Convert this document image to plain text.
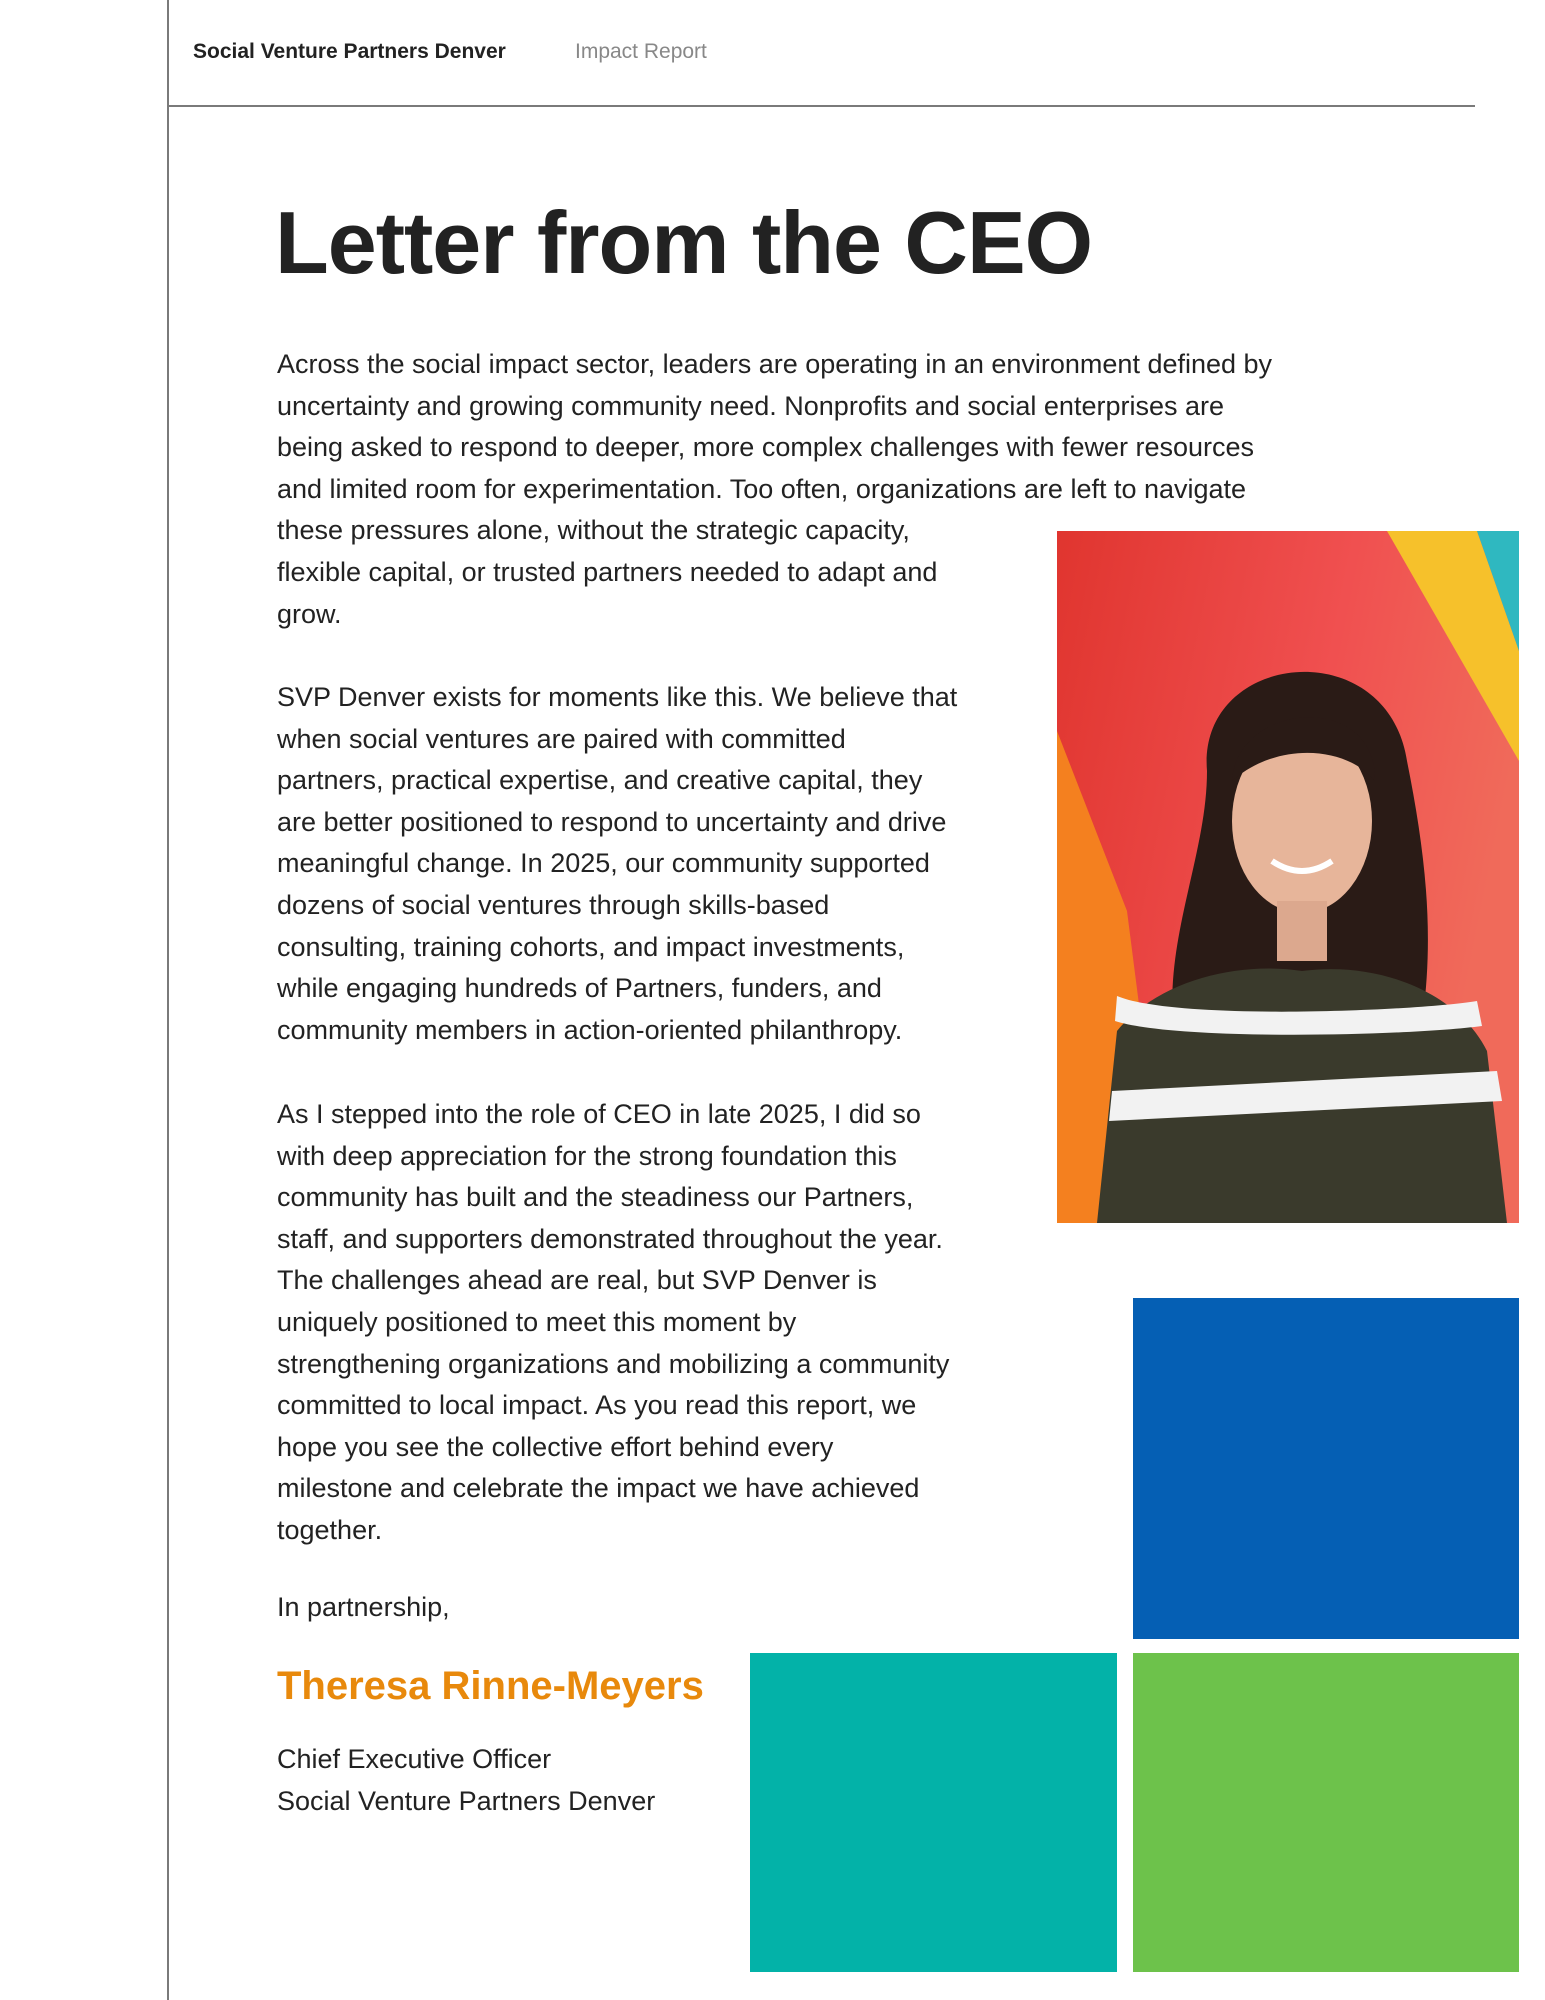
Social Venture Partners Denver	Impact Report
Letter from the CEO
Across the social impact sector, leaders are operating in an environment defined by
uncertainty and growing community need. Nonprofits and social enterprises are
being asked to respond to deeper, more complex challenges with fewer resources
and limited room for experimentation. Too often, organizations are left to navigate
these pressures alone, without the strategic capacity,
flexible capital, or trusted partners needed to adapt and
grow.
SVP Denver exists for moments like this. We believe that
when social ventures are paired with committed
partners, practical expertise, and creative capital, they
are better positioned to respond to uncertainty and drive
meaningful change. In 2025, our community supported
dozens of social ventures through skills-based
consulting, training cohorts, and impact investments,
while engaging hundreds of Partners, funders, and
community members in action-oriented philanthropy.
As I stepped into the role of CEO in late 2025, I did so
with deep appreciation for the strong foundation this
community has built and the steadiness our Partners,
staff, and supporters demonstrated throughout the year.
The challenges ahead are real, but SVP Denver is
uniquely positioned to meet this moment by
strengthening organizations and mobilizing a community
committed to local impact. As you read this report, we
hope you see the collective effort behind every
milestone and celebrate the impact we have achieved
together.
In partnership,
Theresa Rinne-Meyers
Chief Executive Officer
Social Venture Partners Denver
